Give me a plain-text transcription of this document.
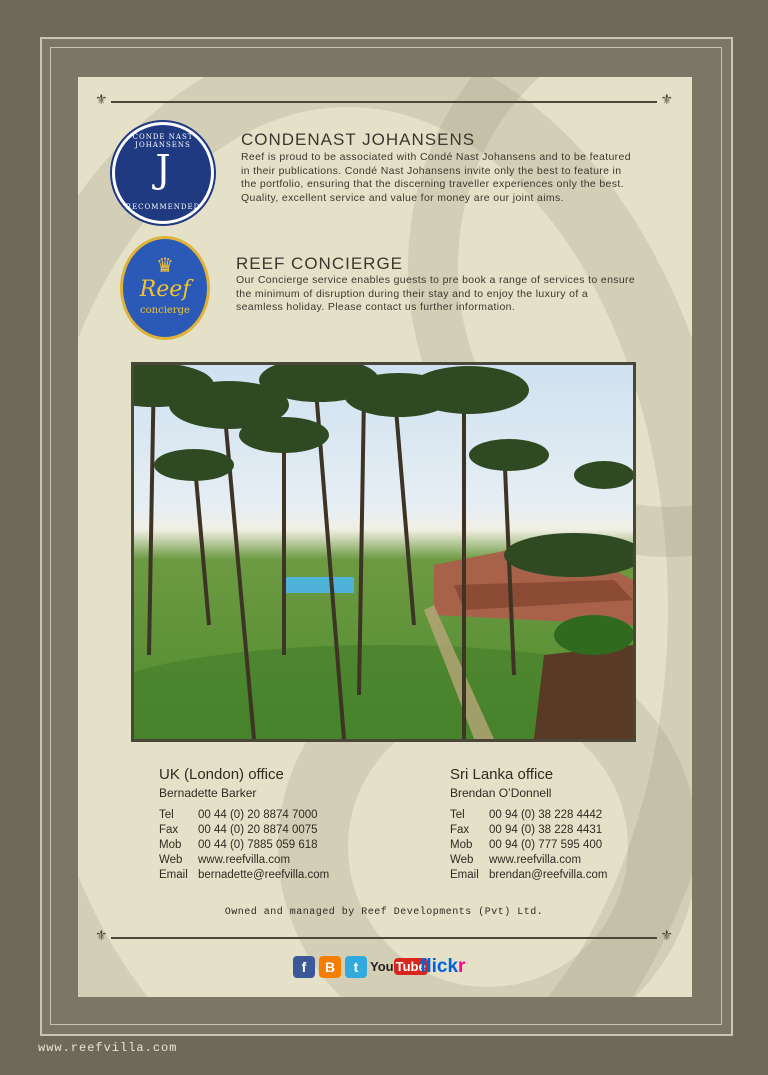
⚜	⚜
CONDE NAST JOHANSENS
J
RECOMMENDED
CONDENAST JOHANSENS
Reef is proud to be associated with Condé Nast Johansens and to be featured
in their publications. Condé Nast Johansens invite only the best to feature in
the portfolio, ensuring that the discerning traveller experiences only the best.
Quality, excellent service and value for money are our joint aims.
♛
Reef
concierge
REEF CONCIERGE
Our Concierge service enables guests to pre book a range of services to ensure
the minimum of disruption during their stay and to enjoy the luxury of a
seamless holiday. Please contact us further information.
UK (London) office
Bernadette Barker
Tel 00 44 (0) 20 8874 7000
Fax 00 44 (0) 20 8874 0075
Mob 00 44 (0) 7885 059 618
Web www.reefvilla.com
Email bernadette@reefvilla.com
Sri Lanka office
Brendan O’Donnell
Tel 00 94 (0) 38 228 4442
Fax 00 94 (0) 38 228 4431
Mob 00 94 (0) 777 595 400
Web www.reefvilla.com
Email brendan@reefvilla.com
Owned and managed by Reef Developments (Pvt) Ltd.
⚜	⚜
f	B	t You Tube
flickr
www.reefvilla.com
